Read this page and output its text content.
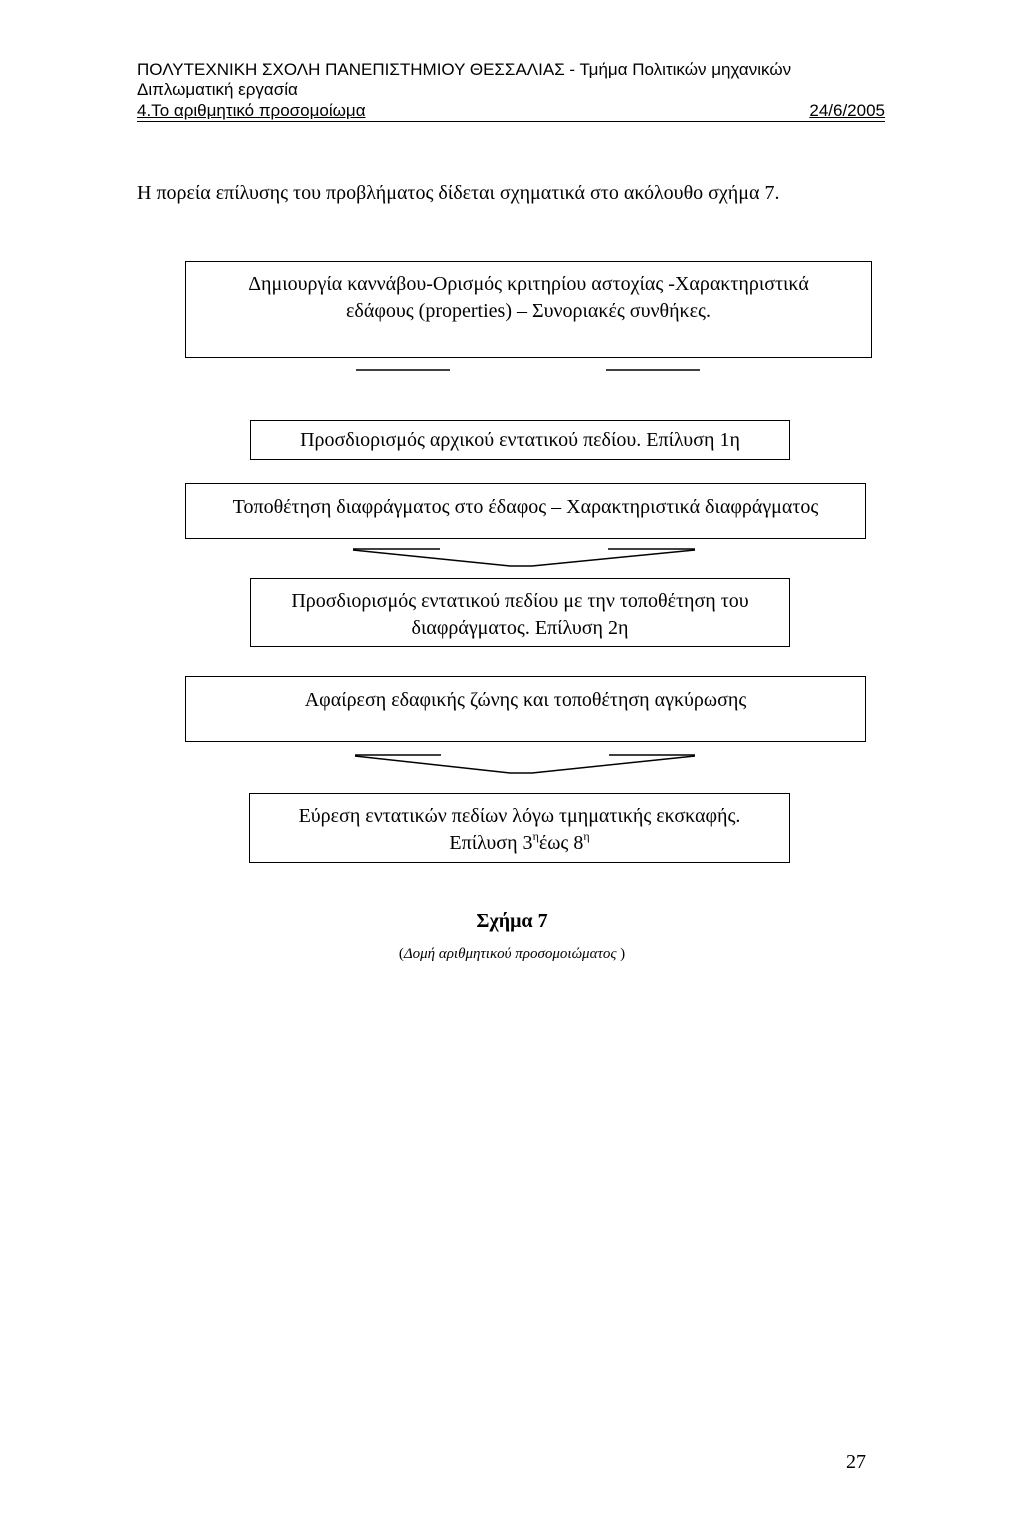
ΠΟΛΥΤΕΧΝΙΚΗ ΣΧΟΛΗ ΠΑΝΕΠΙΣΤΗΜΙΟΥ ΘΕΣΣΑΛΙΑΣ - Τμήμα Πολιτικών μηχανικών
Διπλωματική εργασία
4.Το αριθμητικό προσομοίωμα	24/6/2005
Η πορεία επίλυσης του προβλήματος δίδεται σχηματικά στο ακόλουθο σχήμα 7.
Δημιουργία καννάβου-Ορισμός κριτηρίου αστοχίας -Χαρακτηριστικά
εδάφους (properties) – Συνοριακές συνθήκες.
Προσδιορισμός αρχικού εντατικού πεδίου. Επίλυση 1η
Τοποθέτηση διαφράγματος στο έδαφος – Χαρακτηριστικά διαφράγματος
Προσδιορισμός εντατικού πεδίου με την τοποθέτηση του
διαφράγματος. Επίλυση 2η
Αφαίρεση εδαφικής ζώνης και τοποθέτηση αγκύρωσης
Εύρεση εντατικών πεδίων λόγω τμηματικής εκσκαφής.
Επίλυση $3^\eta έ\omega\varsigma$ $8^\eta$
Σχήμα 7
(Δομή αριθμητικού προσομοιώματος )
27
